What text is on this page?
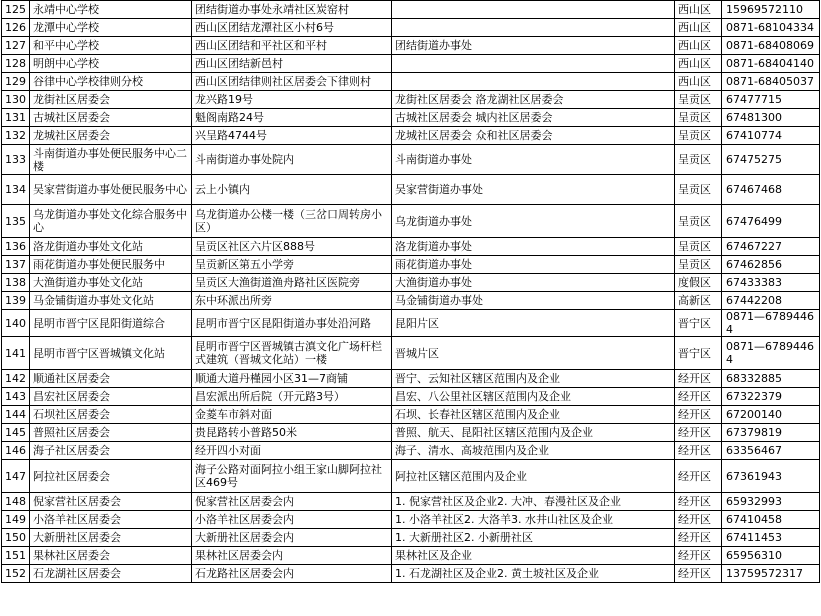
125	永靖中心学校	团结街道办事处永靖社区炭窑村		西山区	15969572110
126	龙潭中心学校	西山区团结龙潭社区小村6号		西山区	0871-68104334
127	和平中心学校	西山区团结和平社区和平村	团结街道办事处	西山区	0871-68408069
128	明朗中心学校	西山区团结新邑村		西山区	0871-68404140
129	谷律中心学校律则分校	西山区团结律则社区居委会下律则村		西山区	0871-68405037
130	龙街社区居委会	龙兴路19号	龙街社区居委会 洛龙湖社区居委会	呈贡区	67477715
131	古城社区居委会	魁阁南路24号	古城社区居委会 城内社区居委会	呈贡区	67481300
132	龙城社区居委会	兴呈路4744号	龙城社区居委会 众和社区居委会	呈贡区	67410774
133	斗南街道办事处便民服务中心二楼	斗南街道办事处院内	斗南街道办事处	呈贡区	67475275
134	吴家营街道办事处便民服务中心	云上小镇内	吴家营街道办事处	呈贡区	67467468
135	乌龙街道办事处文化综合服务中心	乌龙街道办公楼一楼（三岔口周转房小区）	乌龙街道办事处	呈贡区	67476499
136	洛龙街道办事处文化站	呈贡区社区六片区888号	洛龙街道办事处	呈贡区	67467227
137	雨花街道办事处便民服务中	呈贡新区第五小学旁	雨花街道办事处	呈贡区	67462856
138	大渔街道办事处文化站	呈贡区大渔街道渔舟路社区医院旁	大渔街道办事处	度假区	67433383
139	马金铺街道办事处文化站	东中环派出所旁	马金铺街道办事处	高新区	67442208
140	昆明市晋宁区昆阳街道综合	昆明市晋宁区昆阳街道办事处沿河路	昆阳片区	晋宁区	0871—67894464
141	昆明市晋宁区晋城镇文化站	昆明市晋宁区晋城镇古滇文化广场杆栏式建筑（晋城文化站）一楼	晋城片区	晋宁区	0871—67894464
142	顺通社区居委会	顺通大道丹槿园小区31—7商铺	晋宁、云知社区辖区范围内及企业	经开区	68332885
143	昌宏社区居委会	昌宏派出所后院（开元路3号）	昌宏、八公里社区辖区范围内及企业	经开区	67322379
144	石坝社区居委会	金菱车市斜对面	石坝、长春社区辖区范围内及企业	经开区	67200140
145	普照社区居委会	贵昆路转小普路50米	普照、航天、昆阳社区辖区范围内及企业	经开区	67379819
146	海子社区居委会	经开四小对面	海子、清水、高坡范围内及企业	经开区	63356467
147	阿拉社区居委会	海子公路对面阿拉小组王家山脚阿拉社区469号	阿拉社区辖区范围内及企业	经开区	67361943
148	倪家营社区居委会	倪家营社区居委会内	1. 倪家营社区及企业2. 大冲、春漫社区及企业	经开区	65932993
149	小洛羊社区居委会	小洛羊社区居委会内	1. 小洛羊社区2. 大洛羊3. 水井山社区及企业	经开区	67410458
150	大新册社区居委会	大新册社区居委会内	1. 大新册社区2. 小新册社区	经开区	67411453
151	果林社区居委会	果林社区居委会内	果林社区及企业	经开区	65956310
152	石龙湖社区居委会	石龙路社区居委会内	1. 石龙湖社区及企业2. 黄土坡社区及企业	经开区	13759572317
